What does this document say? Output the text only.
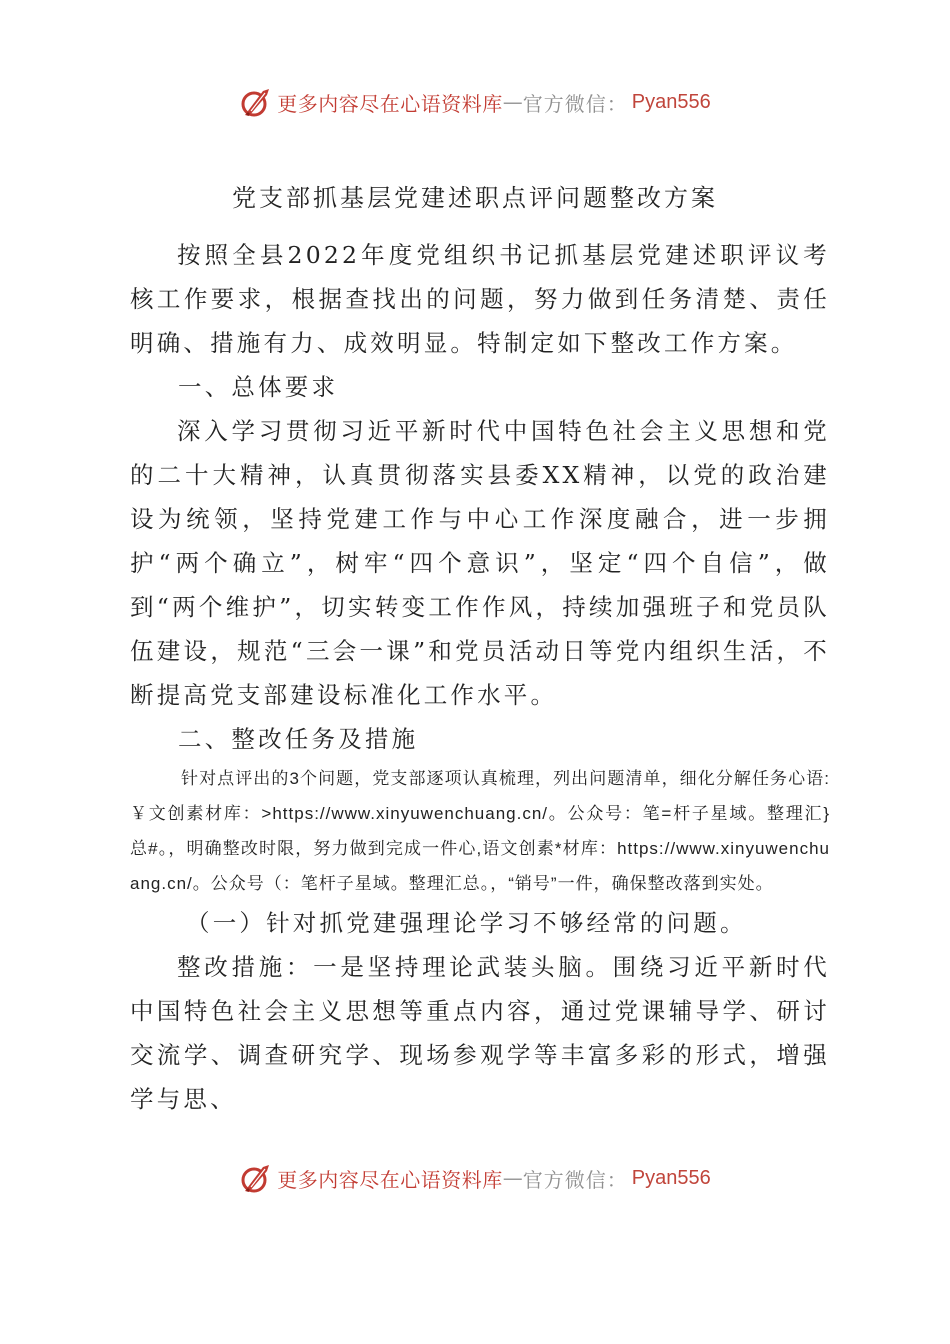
更多内容尽在心语资料库 — 官方微信： Pyan556
党支部抓基层党建述职点评问题整改方案

按照全县2022年度党组织书记抓基层党建述职评议考核工作要求，根据查找出的问题，努力做到任务清楚、责任明确、措施有力、成效明显。特制定如下整改工作方案。

一、总体要求

深入学习贯彻习近平新时代中国特色社会主义思想和党的二十大精神，认真贯彻落实县委XX精神，以党的政治建设为统领，坚持党建工作与中心工作深度融合，进一步拥护“两个确立”，树牢“四个意识”，坚定“四个自信”，做到“两个维护”，切实转变工作作风，持续加强班子和党员队伍建设，规范“三会一课”和党员活动日等党内组织生活，不断提高党支部建设标准化工作水平。

二、整改任务及措施

针对点评出的3个问题，党支部逐项认真梳理，列出问题清单，细化分解任务心语:￥文创素材库：>https://www.xinyuwenchuang.cn/。公众号：笔=杆子星域。整理汇}总#。，明确整改时限，努力做到完成一件心,语文创素*材库：https://www.xinyuwenchuang.cn/。公众号（：笔杆子星域。整理汇总。，“销号”一件，确保整改落到实处。

（一）针对抓党建强理论学习不够经常的问题。

整改措施：一是坚持理论武装头脑。围绕习近平新时代中国特色社会主义思想等重点内容，通过党课辅导学、研讨交流学、调查研究学、现场参观学等丰富多彩的形式，增强学与思、

更多内容尽在心语资料库 — 官方微信： Pyan556
